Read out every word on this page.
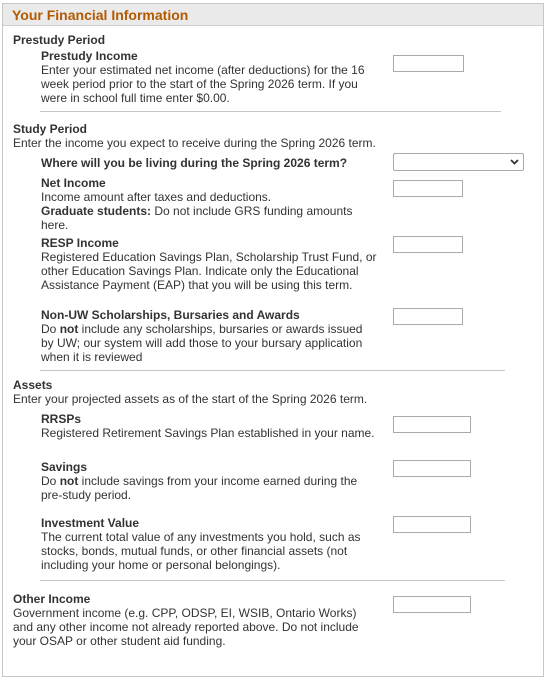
Your Financial Information
Prestudy Period
Prestudy Income
Enter your estimated net income (after deductions) for the 16
week period prior to the start of the Spring 2026 term. If you
were in school full time enter $0.00.
Study Period
Enter the income you expect to receive during the Spring 2026 term.
Where will you be living during the Spring 2026 term?
Net Income
Income amount after taxes and deductions.
Graduate students: Do not include GRS funding amounts
here.
RESP Income
Registered Education Savings Plan, Scholarship Trust Fund, or
other Education Savings Plan. Indicate only the Educational
Assistance Payment (EAP) that you will be using this term.
Non-UW Scholarships, Bursaries and Awards
Do not include any scholarships, bursaries or awards issued
by UW; our system will add those to your bursary application
when it is reviewed
Assets
Enter your projected assets as of the start of the Spring 2026 term.
RRSPs
Registered Retirement Savings Plan established in your name.
Savings
Do not include savings from your income earned during the
pre-study period.
Investment Value
The current total value of any investments you hold, such as
stocks, bonds, mutual funds, or other financial assets (not
including your home or personal belongings).
Other Income
Government income (e.g. CPP, ODSP, EI, WSIB, Ontario Works)
and any other income not already reported above. Do not include
your OSAP or other student aid funding.
